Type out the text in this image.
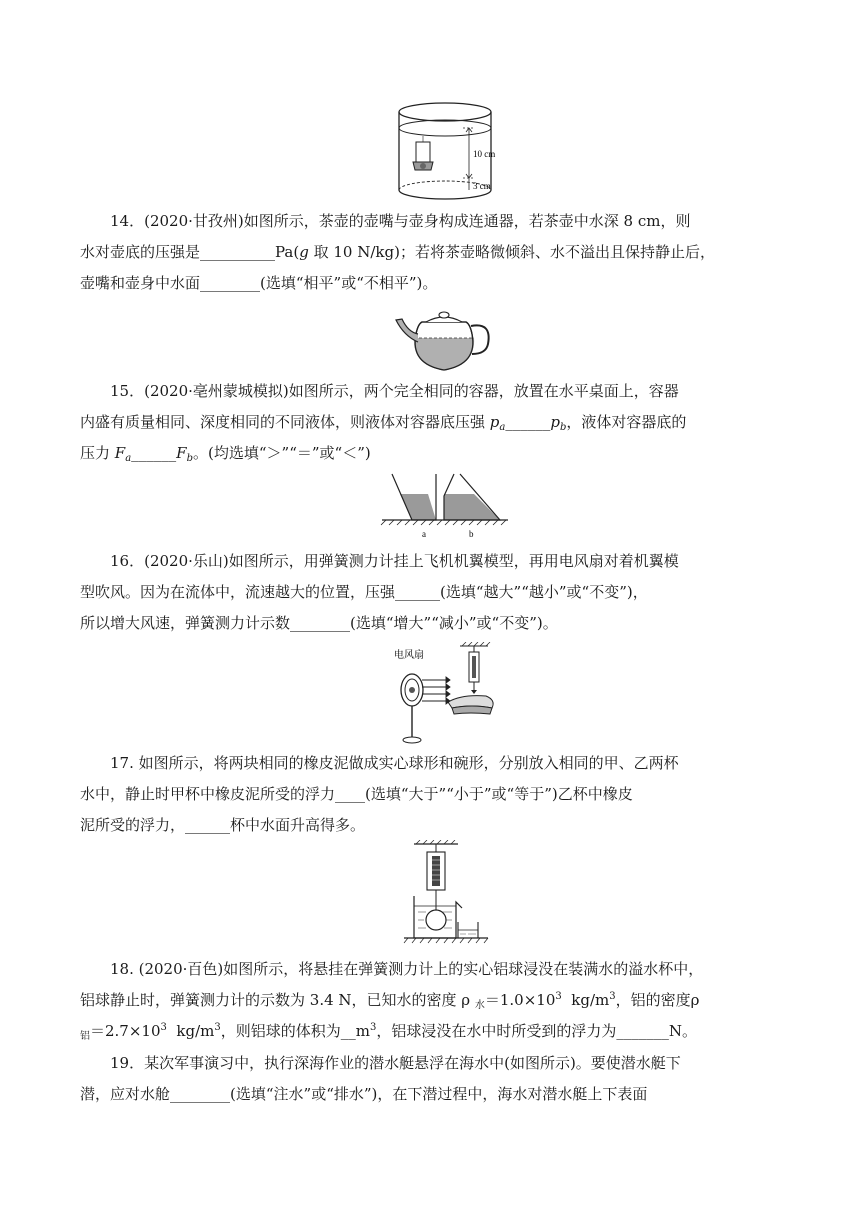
10 cm
3 cm
14．(2020·甘孜州)如图所示，茶壶的壶嘴与壶身构成连通器，若茶壶中水深 8 cm，则
水对壶底的压强是__________Pa(g 取 10 N/kg)；若将茶壶略微倾斜、水不溢出且保持静止后，
壶嘴和壶身中水面________(选填“相平”或“不相平”)。
15．(2020·亳州蒙城模拟)如图所示，两个完全相同的容器，放置在水平桌面上，容器
内盛有质量相同、深度相同的不同液体，则液体对容器底压强 $p_a\_\_\_\_\_\_p_b$，液体对容器底的
压力 $F_a\_\_\_\_\_\_F_b$。(均选填“＞”“＝”或“＜”)
a	b
16．(2020·乐山)如图所示，用弹簧测力计挂上飞机机翼模型，再用电风扇对着机翼模
型吹风。因为在流体中，流速越大的位置，压强______(选填“越大”“越小”或“不变”)，
所以增大风速，弹簧测力计示数________(选填“增大”“减小”或“不变”)。
电风扇
17. 如图所示，将两块相同的橡皮泥做成实心球形和碗形，分别放入相同的甲、乙两杯
水中，静止时甲杯中橡皮泥所受的浮力____(选填“大于”“小于”或“等于”)乙杯中橡皮
泥所受的浮力，______杯中水面升高得多。
18. (2020·百色)如图所示，将悬挂在弹簧测力计上的实心铝球浸没在装满水的溢水杯中，
铝球静止时，弹簧测力计的示数为 3.4 N，已知水的密度 ρ $_水=1.0\times 10^3$  $kg/m^3$，铝的密度ρ
$_铝=2.7\times 10^3$  $kg/m^3$，则铝球的体积为$\_\_m^3$，铝球浸没在水中时所受到的浮力为_______N。
19．某次军事演习中，执行深海作业的潜水艇悬浮在海水中(如图所示)。要使潜水艇下
潜，应对水舱________(选填“注水”或“排水”)，在下潜过程中，海水对潜水艇上下表面
